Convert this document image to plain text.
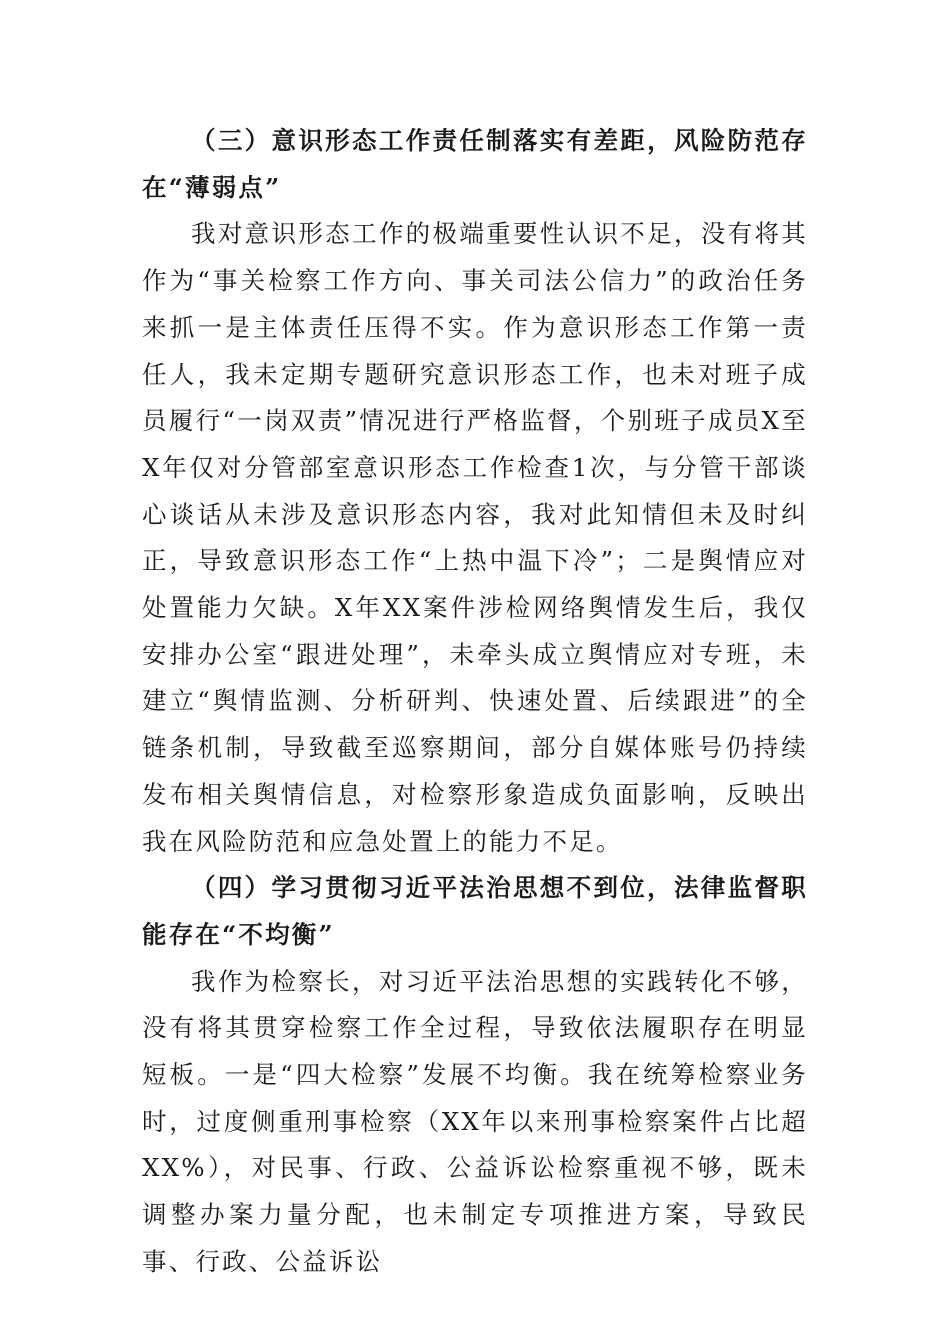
（三）意识形态工作责任制落实有差距，风险防范存在“薄弱点”

我对意识形态工作的极端重要性认识不足，没有将其作为“事关检察工作方向、事关司法公信力”的政治任务来抓一是主体责任压得不实。作为意识形态工作第一责任人，我未定期专题研究意识形态工作，也未对班子成员履行“一岗双责”情况进行严格监督，个别班子成员X至X年仅对分管部室意识形态工作检查1次，与分管干部谈心谈话从未涉及意识形态内容，我对此知情但未及时纠正，导致意识形态工作“上热中温下冷”；二是舆情应对处置能力欠缺。X年XX案件涉检网络舆情发生后，我仅安排办公室“跟进处理”，未牵头成立舆情应对专班，未建立“舆情监测、分析研判、快速处置、后续跟进”的全链条机制，导致截至巡察期间，部分自媒体账号仍持续发布相关舆情信息，对检察形象造成负面影响，反映出我在风险防范和应急处置上的能力不足。

（四）学习贯彻习近平法治思想不到位，法律监督职能存在“不均衡”

我作为检察长，对习近平法治思想的实践转化不够，没有将其贯穿检察工作全过程，导致依法履职存在明显短板。一是“四大检察”发展不均衡。我在统筹检察业务时，过度侧重刑事检察（XX年以来刑事检察案件占比超XX%），对民事、行政、公益诉讼检察重视不够，既未调整办案力量分配，也未制定专项推进方案，导致民事、行政、公益诉讼
